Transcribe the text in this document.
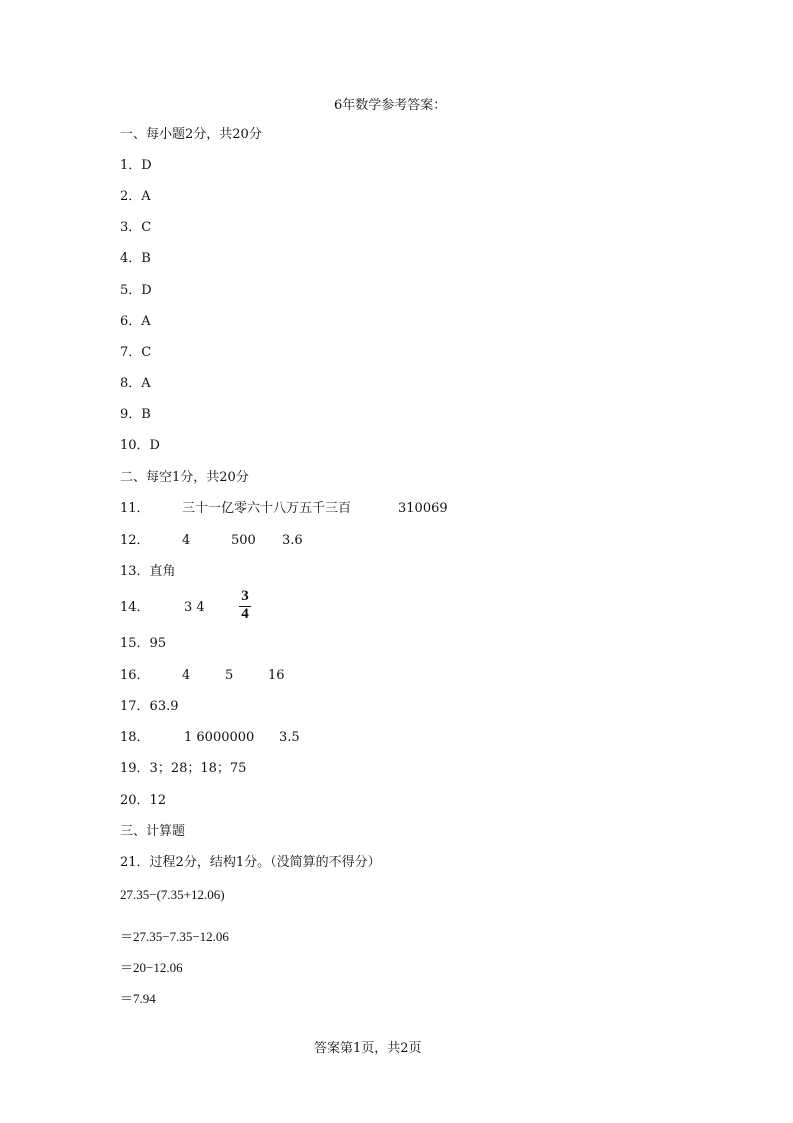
6年数学参考答案：
一、每小题2分，共20分
1．D
2．A
3．C
4．B
5．D
6．A
7．C
8．A
9．B
10．D
二、每空1分，共20分
11． 三十一亿零六十八万五千三百	310069
12． 4	500 3.6
13．直角
14．	3 4
3
4
15．95
16． 4	5	16
17．63.9
18．	1 6000000 3.5
19．3；28；18；75
20．12
三、计算题
21．过程2分，结构1分。（没简算的不得分）
27.35−(7.35+12.06)
＝27.35−7.35−12.06
＝20−12.06
＝7.94
答案第1页，共2页
